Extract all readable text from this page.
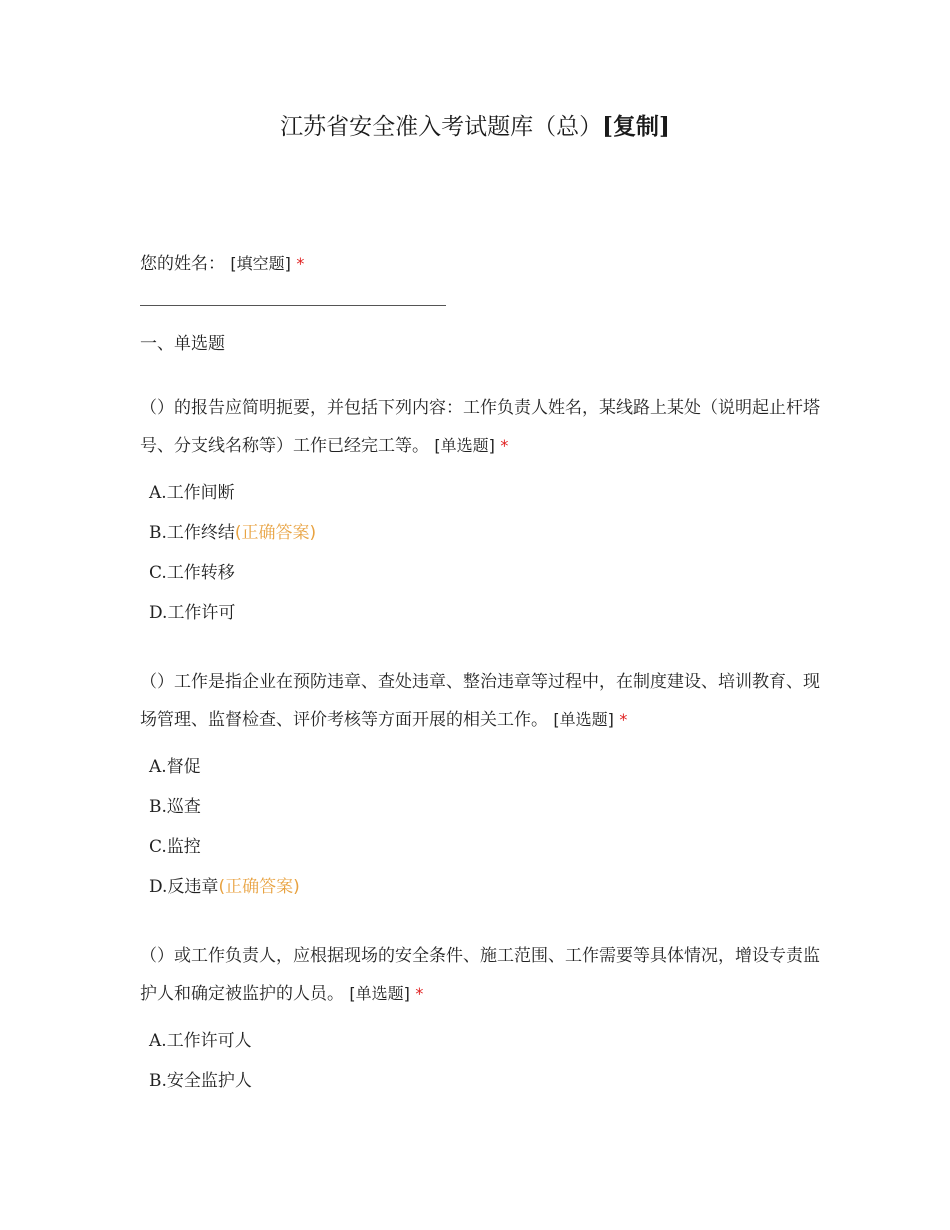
江苏省安全准入考试题库（总）[复制]
您的姓名： [填空题] *
一、单选题

（）的报告应简明扼要，并包括下列内容：工作负责人姓名，某线路上某处（说明起止杆塔号、分支线名称等）工作已经完工等。 [单选题] *

A.工作间断
B.工作终结(正确答案)
C.工作转移
D.工作许可

（）工作是指企业在预防违章、查处违章、整治违章等过程中，在制度建设、培训教育、现场管理、监督检查、评价考核等方面开展的相关工作。 [单选题] *

A.督促
B.巡查
C.监控
D.反违章(正确答案)

（）或工作负责人，应根据现场的安全条件、施工范围、工作需要等具体情况，增设专责监护人和确定被监护的人员。 [单选题] *

A.工作许可人
B.安全监护人
